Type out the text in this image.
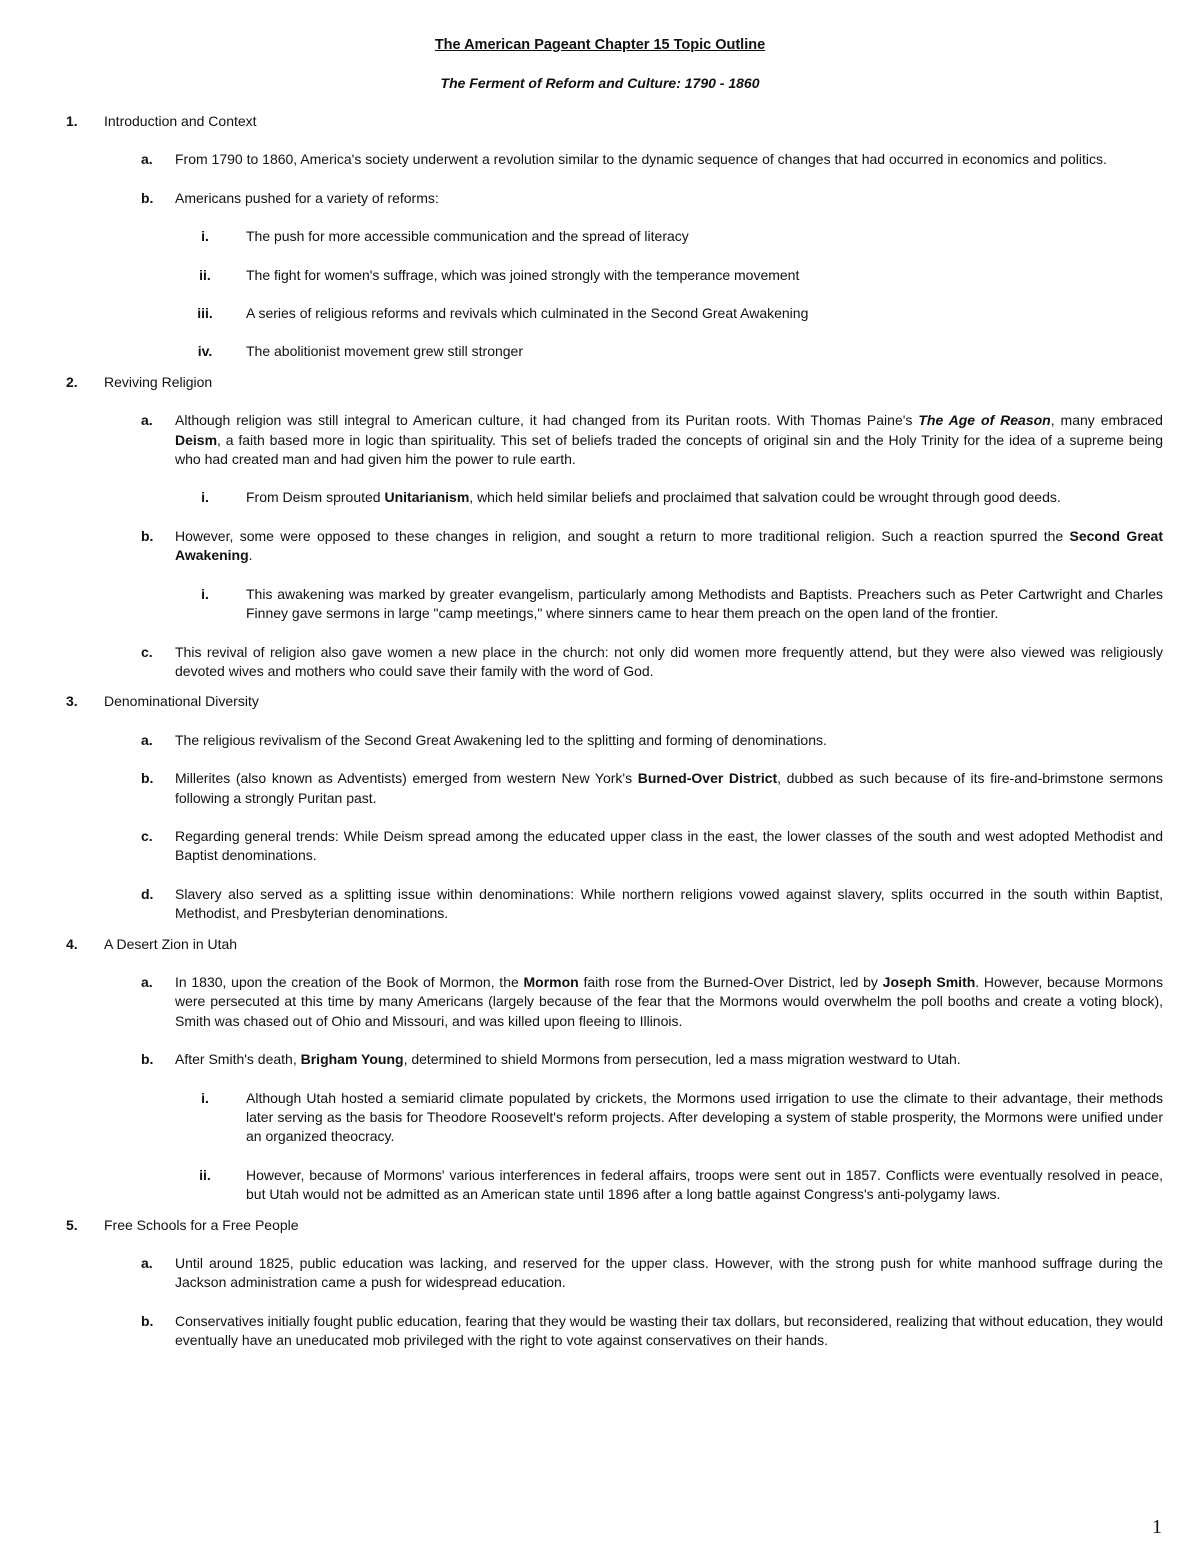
The American Pageant Chapter 15 Topic Outline
The Ferment of Reform and Culture: 1790 - 1860
1.	Introduction and Context
a.	From 1790 to 1860, America's society underwent a revolution similar to the dynamic sequence of changes that had occurred in economics and politics.
b.	Americans pushed for a variety of reforms:
i.	The push for more accessible communication and the spread of literacy
ii.	The fight for women's suffrage, which was joined strongly with the temperance movement
iii.	A series of religious reforms and revivals which culminated in the Second Great Awakening
iv.	The abolitionist movement grew still stronger
2.	Reviving Religion
a.	Although religion was still integral to American culture, it had changed from its Puritan roots. With Thomas Paine's The Age of Reason, many embraced Deism, a faith based more in logic than spirituality. This set of beliefs traded the concepts of original sin and the Holy Trinity for the idea of a supreme being who had created man and had given him the power to rule earth.
i.	From Deism sprouted Unitarianism, which held similar beliefs and proclaimed that salvation could be wrought through good deeds.
b.	However, some were opposed to these changes in religion, and sought a return to more traditional religion. Such a reaction spurred the Second Great Awakening.
i.	This awakening was marked by greater evangelism, particularly among Methodists and Baptists. Preachers such as Peter Cartwright and Charles Finney gave sermons in large "camp meetings," where sinners came to hear them preach on the open land of the frontier.
c.	This revival of religion also gave women a new place in the church: not only did women more frequently attend, but they were also viewed was religiously devoted wives and mothers who could save their family with the word of God.
3.	Denominational Diversity
a.	The religious revivalism of the Second Great Awakening led to the splitting and forming of denominations.
b.	Millerites (also known as Adventists) emerged from western New York's Burned-Over District, dubbed as such because of its fire-and-brimstone sermons following a strongly Puritan past.
c.	Regarding general trends: While Deism spread among the educated upper class in the east, the lower classes of the south and west adopted Methodist and Baptist denominations.
d.	Slavery also served as a splitting issue within denominations: While northern religions vowed against slavery, splits occurred in the south within Baptist, Methodist, and Presbyterian denominations.
4.	A Desert Zion in Utah
a.	In 1830, upon the creation of the Book of Mormon, the Mormon faith rose from the Burned-Over District, led by Joseph Smith. However, because Mormons were persecuted at this time by many Americans (largely because of the fear that the Mormons would overwhelm the poll booths and create a voting block), Smith was chased out of Ohio and Missouri, and was killed upon fleeing to Illinois.
b.	After Smith's death, Brigham Young, determined to shield Mormons from persecution, led a mass migration westward to Utah.
i.	Although Utah hosted a semiarid climate populated by crickets, the Mormons used irrigation to use the climate to their advantage, their methods later serving as the basis for Theodore Roosevelt's reform projects. After developing a system of stable prosperity, the Mormons were unified under an organized theocracy.
ii.	However, because of Mormons' various interferences in federal affairs, troops were sent out in 1857. Conflicts were eventually resolved in peace, but Utah would not be admitted as an American state until 1896 after a long battle against Congress's anti-polygamy laws.
5.	Free Schools for a Free People
a.	Until around 1825, public education was lacking, and reserved for the upper class. However, with the strong push for white manhood suffrage during the Jackson administration came a push for widespread education.
b.	Conservatives initially fought public education, fearing that they would be wasting their tax dollars, but reconsidered, realizing that without education, they would eventually have an uneducated mob privileged with the right to vote against conservatives on their hands.
1
